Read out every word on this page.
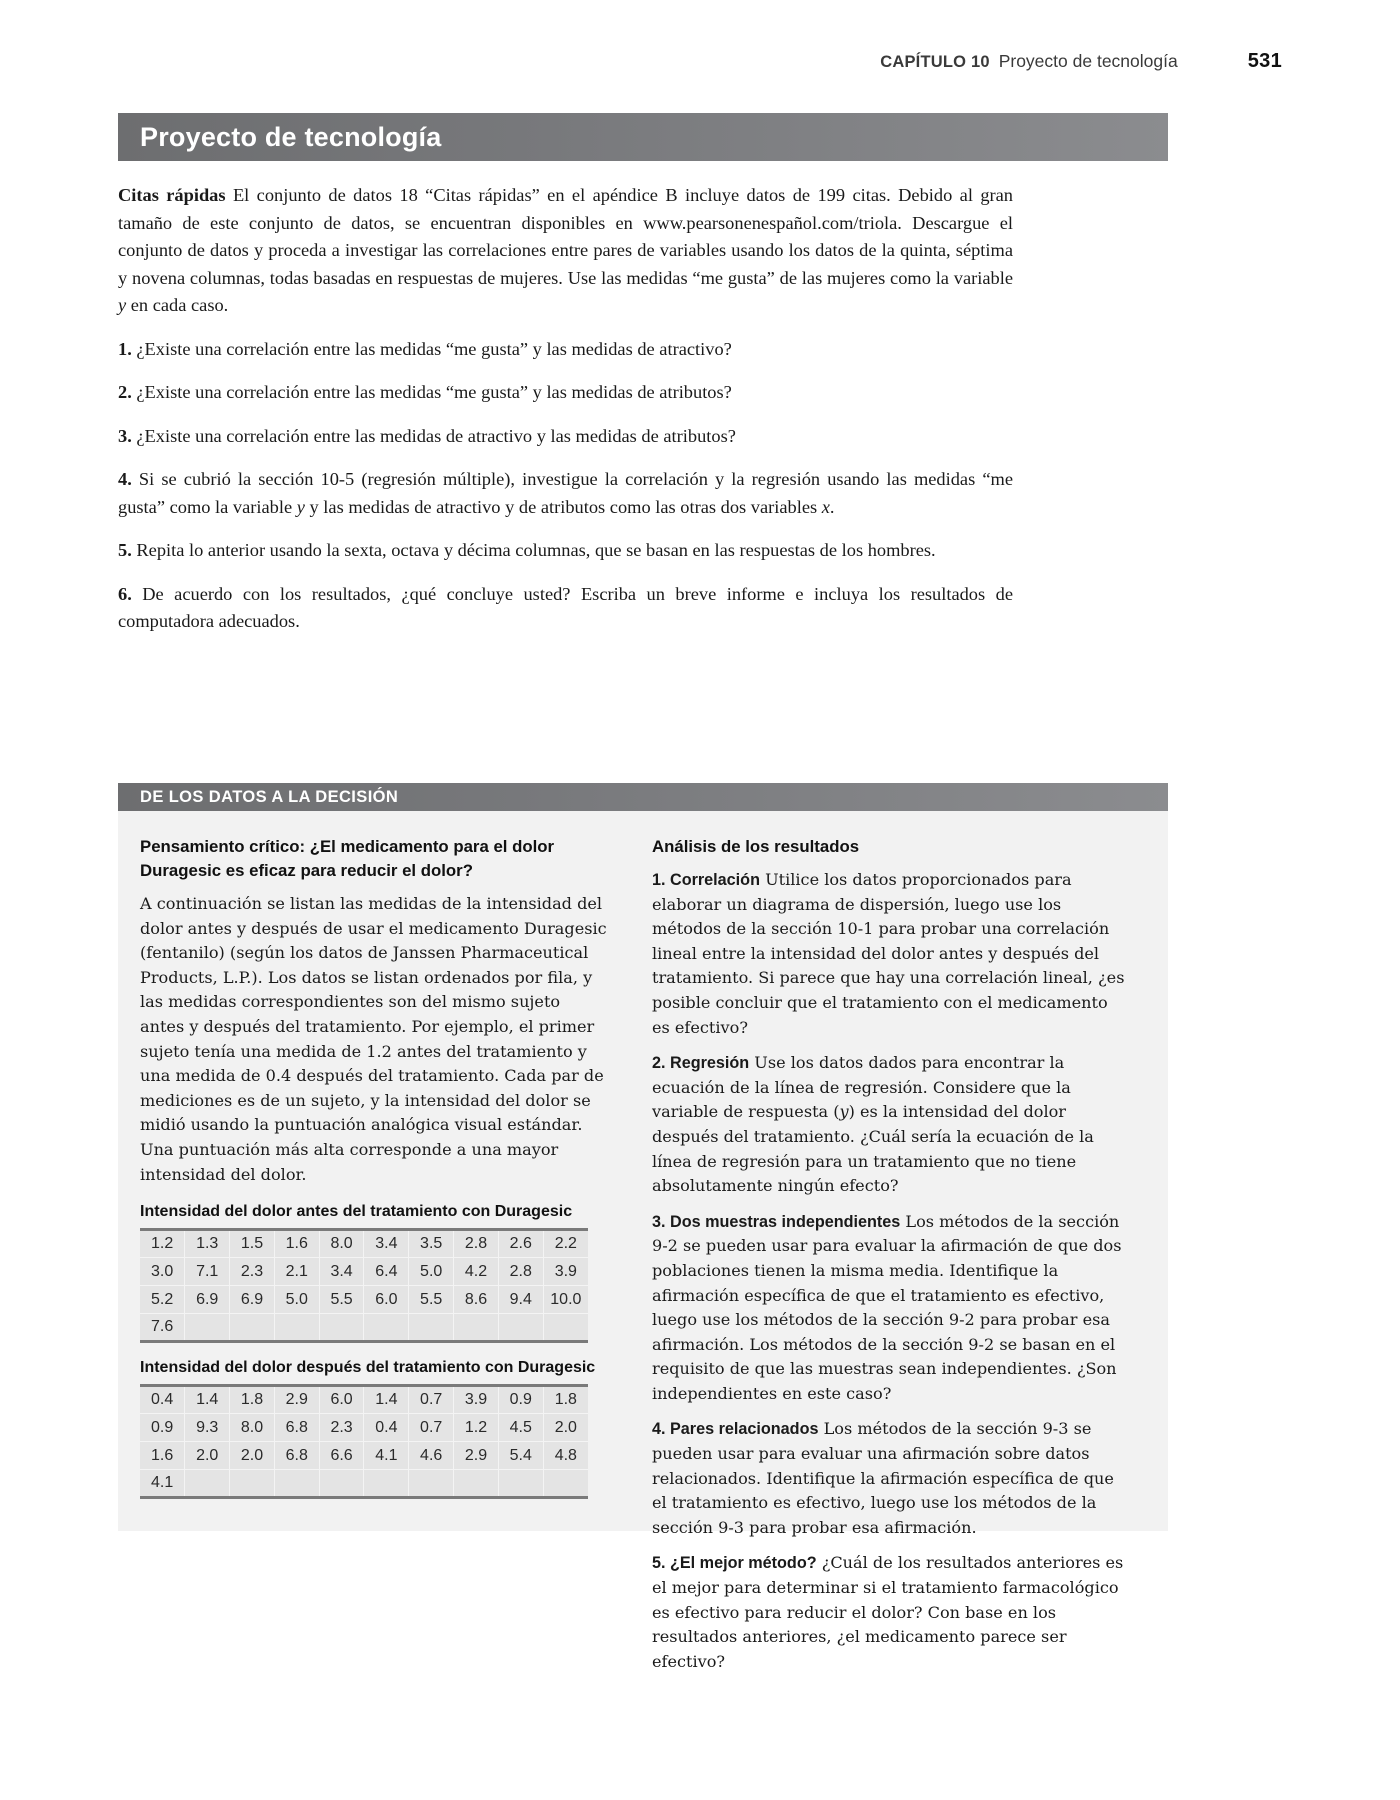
CAPÍTULO 10 Proyecto de tecnología	531
Proyecto de tecnología

Citas rápidas El conjunto de datos 18 “Citas rápidas” en el apéndice B incluye datos de 199 citas. Debido al gran tamaño de este conjunto de datos, se encuentran disponibles en www.pearsonenespañol.com/triola. Descargue el conjunto de datos y proceda a investigar las correlaciones entre pares de variables usando los datos de la quinta, séptima y novena columnas, todas basadas en respuestas de mujeres. Use las medidas “me gusta” de las mujeres como la variable y en cada caso.

1. ¿Existe una correlación entre las medidas “me gusta” y las medidas de atractivo?

2. ¿Existe una correlación entre las medidas “me gusta” y las medidas de atributos?

3. ¿Existe una correlación entre las medidas de atractivo y las medidas de atributos?

4. Si se cubrió la sección 10-5 (regresión múltiple), investigue la correlación y la regresión usando las medidas “me gusta” como la variable y y las medidas de atractivo y de atributos como las otras dos variables x.

5. Repita lo anterior usando la sexta, octava y décima columnas, que se basan en las respuestas de los hombres.

6. De acuerdo con los resultados, ¿qué concluye usted? Escriba un breve informe e incluya los resultados de computadora adecuados.

DE LOS DATOS A LA DECISIÓN
Pensamiento crítico: ¿El medicamento para el dolor Duragesic es eficaz para reducir el dolor?
A continuación se listan las medidas de la intensidad del dolor antes y después de usar el medicamento Duragesic (fentanilo) (según los datos de Janssen Pharmaceutical Products, L.P.). Los datos se listan ordenados por fila, y las medidas correspondientes son del mismo sujeto antes y después del tratamiento. Por ejemplo, el primer sujeto tenía una medida de 1.2 antes del tratamiento y una medida de 0.4 después del tratamiento. Cada par de mediciones es de un sujeto, y la intensidad del dolor se midió usando la puntuación analógica visual estándar. Una puntuación más alta corresponde a una mayor intensidad del dolor.
Intensidad del dolor antes del tratamiento con Duragesic
1.2	1.3	1.5	1.6	8.0	3.4	3.5	2.8	2.6	2.2
3.0	7.1	2.3	2.1	3.4	6.4	5.0	4.2	2.8	3.9
5.2	6.9	6.9	5.0	5.5	6.0	5.5	8.6	9.4	10.0
7.6									
Intensidad del dolor después del tratamiento con Duragesic
0.4	1.4	1.8	2.9	6.0	1.4	0.7	3.9	0.9	1.8
0.9	9.3	8.0	6.8	2.3	0.4	0.7	1.2	4.5	2.0
1.6	2.0	2.0	6.8	6.6	4.1	4.6	2.9	5.4	4.8
4.1									
Análisis de los resultados
1. Correlación Utilice los datos proporcionados para elaborar un diagrama de dispersión, luego use los métodos de la sección 10-1 para probar una correlación lineal entre la intensidad del dolor antes y después del tratamiento. Si parece que hay una correlación lineal, ¿es posible concluir que el tratamiento con el medicamento es efectivo?
2. Regresión Use los datos dados para encontrar la ecuación de la línea de regresión. Considere que la variable de respuesta (y) es la intensidad del dolor después del tratamiento. ¿Cuál sería la ecuación de la línea de regresión para un tratamiento que no tiene absolutamente ningún efecto?
3. Dos muestras independientes Los métodos de la sección 9-2 se pueden usar para evaluar la afirmación de que dos poblaciones tienen la misma media. Identifique la afirmación específica de que el tratamiento es efectivo, luego use los métodos de la sección 9-2 para probar esa afirmación. Los métodos de la sección 9-2 se basan en el requisito de que las muestras sean independientes. ¿Son independientes en este caso?
4. Pares relacionados Los métodos de la sección 9-3 se pueden usar para evaluar una afirmación sobre datos relacionados. Identifique la afirmación específica de que el tratamiento es efectivo, luego use los métodos de la sección 9-3 para probar esa afirmación.
5. ¿El mejor método? ¿Cuál de los resultados anteriores es el mejor para determinar si el tratamiento farmacológico es efectivo para reducir el dolor? Con base en los resultados anteriores, ¿el medicamento parece ser efectivo?
